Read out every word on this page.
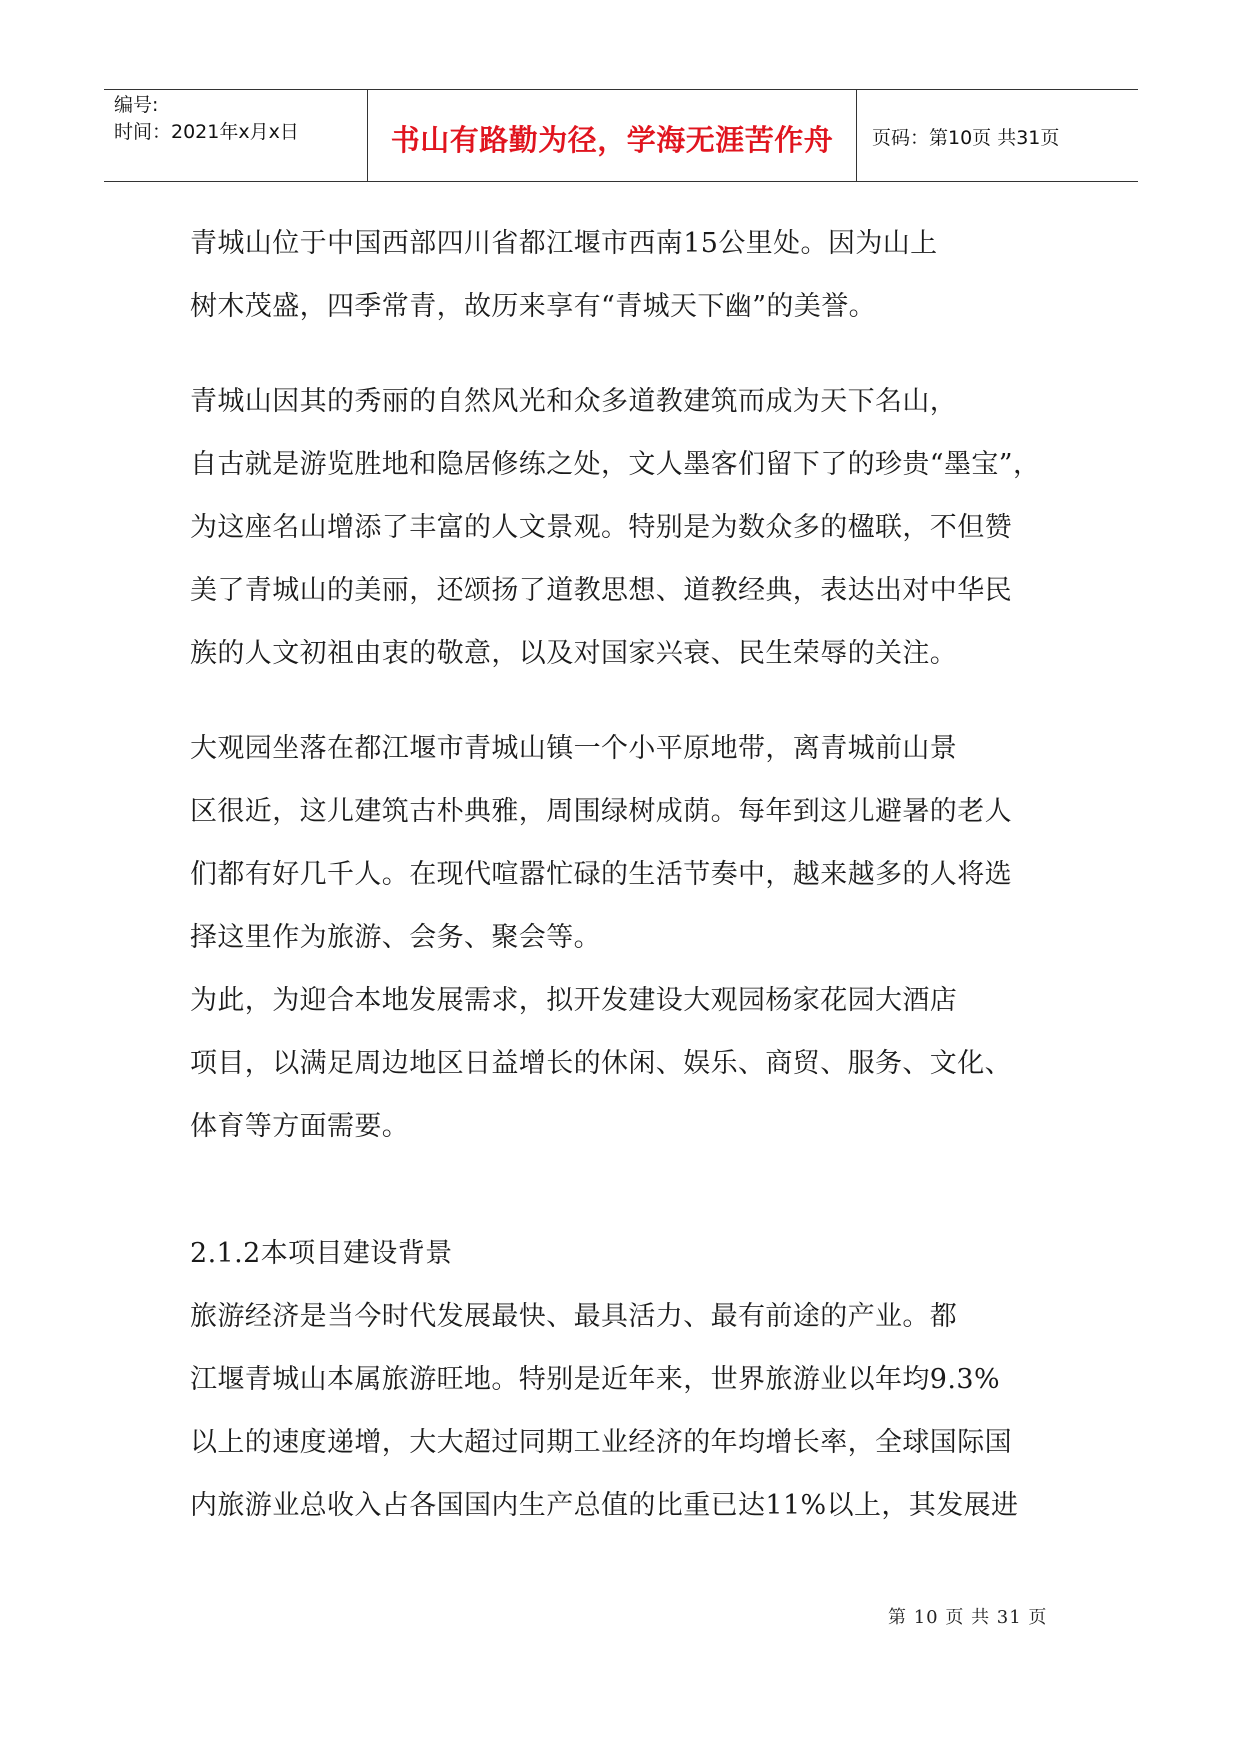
编号:
时间：2021年x月x日	书山有路勤为径，学海无涯苦作舟	页码：第10页 共31页

青城山位于中国西部四川省都江堰市西南15公里处。因为山上

树木茂盛，四季常青，故历来享有“青城天下幽”的美誉。

青城山因其的秀丽的自然风光和众多道教建筑而成为天下名山，

自古就是游览胜地和隐居修练之处，文人墨客们留下了的珍贵“墨宝”，

为这座名山增添了丰富的人文景观。特别是为数众多的楹联，不但赞

美了青城山的美丽，还颂扬了道教思想、道教经典，表达出对中华民

族的人文初祖由衷的敬意，以及对国家兴衰、民生荣辱的关注。

大观园坐落在都江堰市青城山镇一个小平原地带，离青城前山景

区很近，这儿建筑古朴典雅，周围绿树成荫。每年到这儿避暑的老人

们都有好几千人。在现代喧嚣忙碌的生活节奏中，越来越多的人将选

择这里作为旅游、会务、聚会等。

为此，为迎合本地发展需求，拟开发建设大观园杨家花园大酒店

项目，以满足周边地区日益增长的休闲、娱乐、商贸、服务、文化、

体育等方面需要。

2.1.2本项目建设背景

旅游经济是当今时代发展最快、最具活力、最有前途的产业。都

江堰青城山本属旅游旺地。特别是近年来，世界旅游业以年均9.3%

以上的速度递增，大大超过同期工业经济的年均增长率，全球国际国

内旅游业总收入占各国国内生产总值的比重已达11%以上，其发展进

第 10 页 共 31 页
